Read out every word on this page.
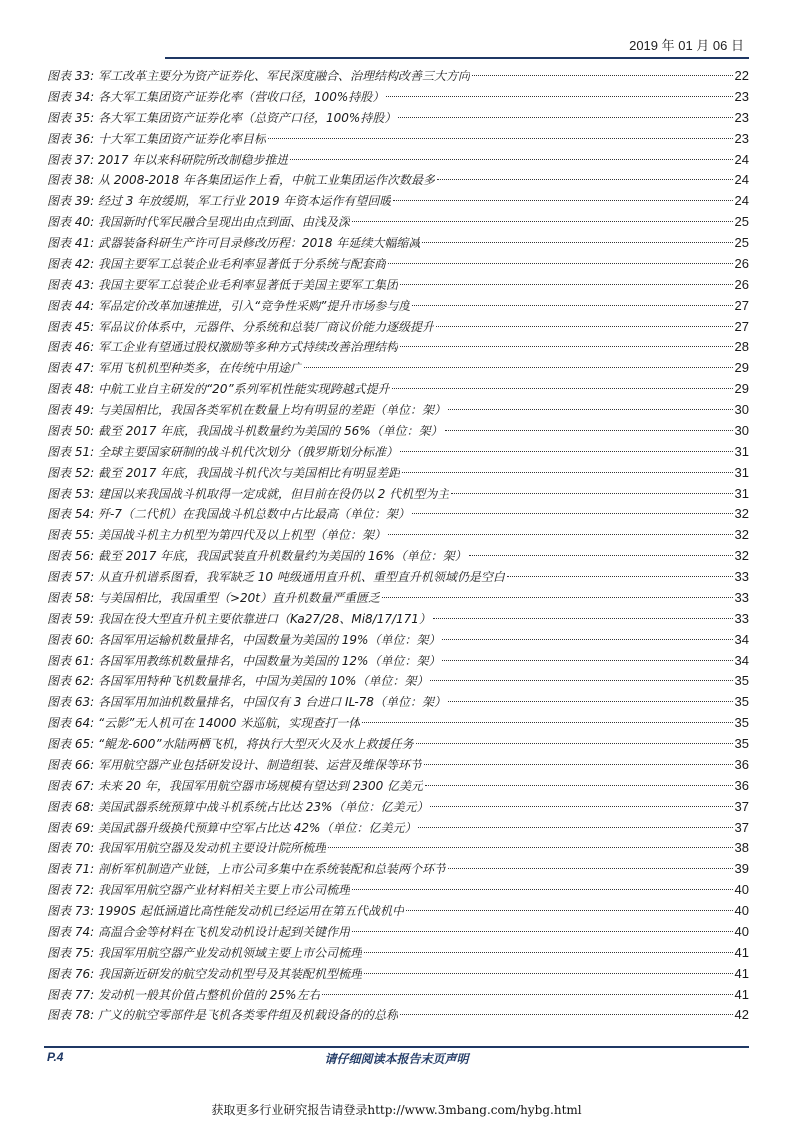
2019 年 01 月 06 日
图表 33:
军工改革主要分为资产证券化、军民深度融合、治理结构改善三大方向	22
图表 34:
各大军工集团资产证券化率（营收口径，100%持股）	23
图表 35:
各大军工集团资产证券化率（总资产口径，100%持股）	23
图表 36:
十大军工集团资产证券化率目标	23
图表 37:
2017 年以来科研院所改制稳步推进	24
图表 38:
从 2008-2018 年各集团运作上看，中航工业集团运作次数最多	24
图表 39:
经过 3 年放缓期，军工行业 2019 年资本运作有望回暖	24
图表 40:
我国新时代军民融合呈现出由点到面、由浅及深	25
图表 41:
武器装备科研生产许可目录修改历程：2018 年延续大幅缩减	25
图表 42:
我国主要军工总装企业毛利率显著低于分系统与配套商	26
图表 43:
我国主要军工总装企业毛利率显著低于美国主要军工集团	26
图表 44:
军品定价改革加速推进，引入“竞争性采购”提升市场参与度	27
图表 45:
军品议价体系中，元器件、分系统和总装厂商议价能力逐级提升	27
图表 46:
军工企业有望通过股权激励等多种方式持续改善治理结构	28
图表 47:
军用飞机机型种类多，在传统中用途广	29
图表 48:
中航工业自主研发的“20”系列军机性能实现跨越式提升	29
图表 49:
与美国相比，我国各类军机在数量上均有明显的差距（单位：架）	30
图表 50:
截至 2017 年底，我国战斗机数量约为美国的 56%（单位：架）	30
图表 51:
全球主要国家研制的战斗机代次划分（俄罗斯划分标准）	31
图表 52:
截至 2017 年底，我国战斗机代次与美国相比有明显差距	31
图表 53:
建国以来我国战斗机取得一定成就，但目前在役仍以 2 代机型为主	31
图表 54:
歼-7（二代机）在我国战斗机总数中占比最高（单位：架）	32
图表 55:
美国战斗机主力机型为第四代及以上机型（单位：架）	32
图表 56:
截至 2017 年底，我国武装直升机数量约为美国的 16%（单位：架）	32
图表 57:
从直升机谱系图看，我军缺乏 10 吨级通用直升机、重型直升机领域仍是空白	33
图表 58:
与美国相比，我国重型（>20t）直升机数量严重匮乏	33
图表 59:
我国在役大型直升机主要依靠进口（Ka27/28、Mi8/17/171）	33
图表 60:
各国军用运输机数量排名，中国数量为美国的 19%（单位：架）	34
图表 61:
各国军用教练机数量排名，中国数量为美国的 12%（单位：架）	34
图表 62:
各国军用特种飞机数量排名，中国为美国的 10%（单位：架）	35
图表 63:
各国军用加油机数量排名，中国仅有 3 台进口 IL-78（单位：架）	35
图表 64:
“云影”无人机可在 14000 米巡航，实现查打一体	35
图表 65:
“鲲龙-600”水陆两栖飞机，将执行大型灭火及水上救援任务	35
图表 66:
军用航空器产业包括研发设计、制造组装、运营及维保等环节	36
图表 67:
未来 20 年，我国军用航空器市场规模有望达到 2300 亿美元	36
图表 68:
美国武器系统预算中战斗机系统占比达 23%（单位：亿美元）	37
图表 69:
美国武器升级换代预算中空军占比达 42%（单位：亿美元）	37
图表 70:
我国军用航空器及发动机主要设计院所梳理	38
图表 71:
剖析军机制造产业链，上市公司多集中在系统装配和总装两个环节	39
图表 72:
我国军用航空器产业材料相关主要上市公司梳理	40
图表 73:
1990S 起低涵道比高性能发动机已经运用在第五代战机中	40
图表 74:
高温合金等材料在飞机发动机设计起到关键作用	40
图表 75:
我国军用航空器产业发动机领域主要上市公司梳理	41
图表 76:
我国新近研发的航空发动机型号及其装配机型梳理	41
图表 77:
发动机一般其价值占整机价值的 25%左右	41
图表 78:
广义的航空零部件是飞机各类零件组及机载设备的的总称	42
P.4	请仔细阅读本报告末页声明
获取更多行业研究报告请登录http://www.3mbang.com/hybg.html
